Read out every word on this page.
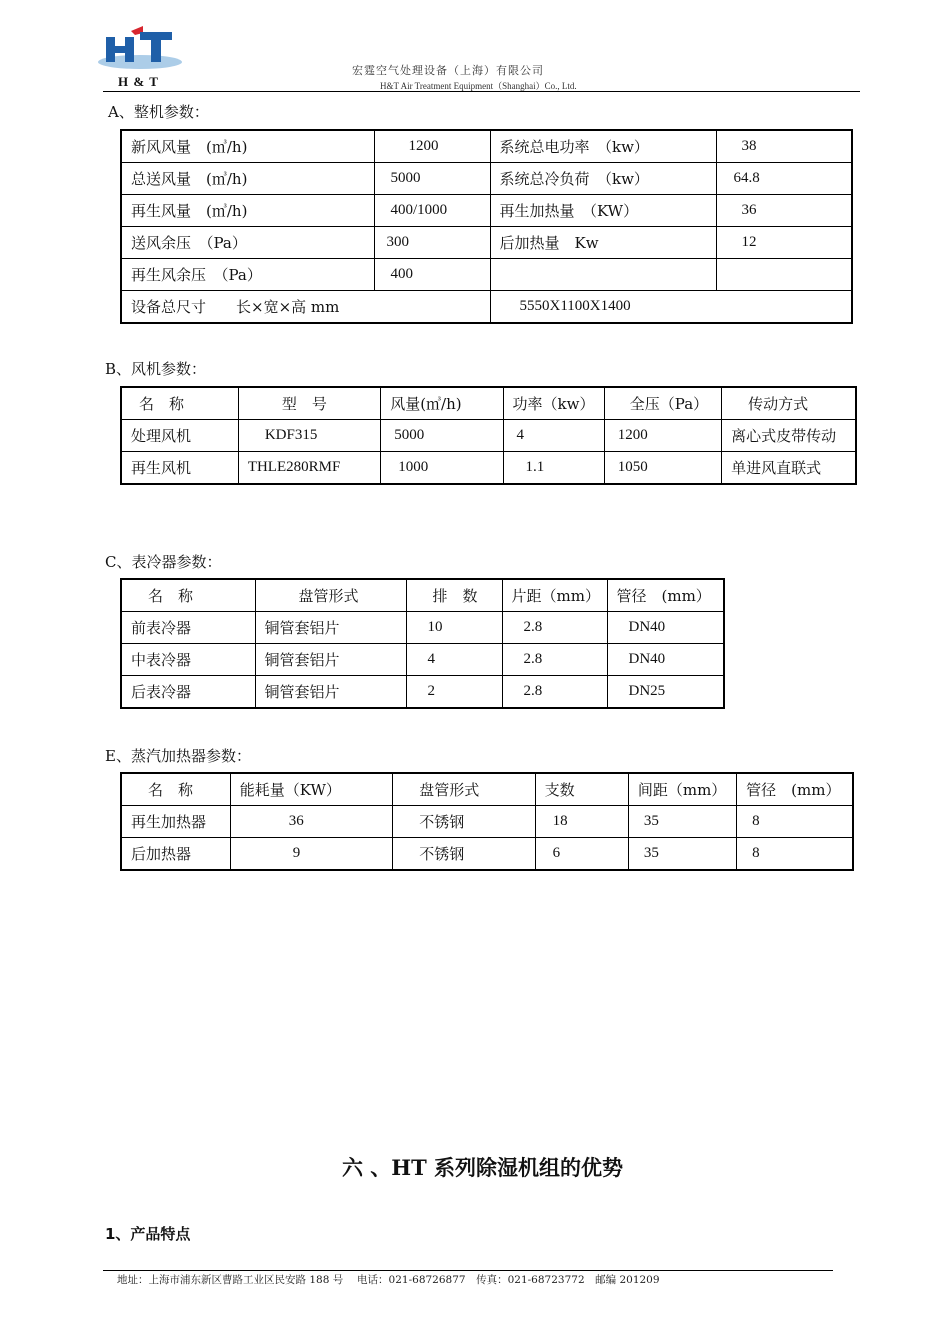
H & T
宏霆空气处理设备（上海）有限公司
H&T Air Treatment Equipment（Shanghai）Co., Ltd.
A、整机参数：
新风风量　(㎥/h)	1200	系统总电功率　（kw）	38
总送风量　(㎥/h)	5000	系统总冷负荷　（kw）	64.8
再生风量　(㎥/h)	400/1000	再生加热量　（KW）	36
送风余压　（Pa）	300	后加热量　Kw	12
再生风余压　（Pa）	400		
设备总尺寸　　长×宽×高 mm		5550X1100X1400	
B、风机参数：
名　称	型　号	风量(㎥/h)	功率（kw）	全压（Pa）	传动方式
处理风机	KDF315	5000	4	1200	离心式皮带传动
再生风机	THLE280RMF	1000	1.1	1050	单进风直联式
C、表冷器参数：
名　称	盘管形式	排　数	片距（mm）	管径　(mm）
前表冷器	铜管套铝片	10	2.8	DN40
中表冷器	铜管套铝片	4	2.8	DN40
后表冷器	铜管套铝片	2	2.8	DN25
E、蒸汽加热器参数：
名　称	能耗量（KW）	盘管形式	支数	间距（mm）	管径　(mm）
再生加热器	36	不锈钢	18	35	8
后加热器	9	不锈钢	6	35	8
六 、HT 系列除湿机组的优势
1、产品特点
地址：上海市浦东新区曹路工业区民安路 188 号　 电话：021-68726877　传真：021-68723772　邮编 201209
